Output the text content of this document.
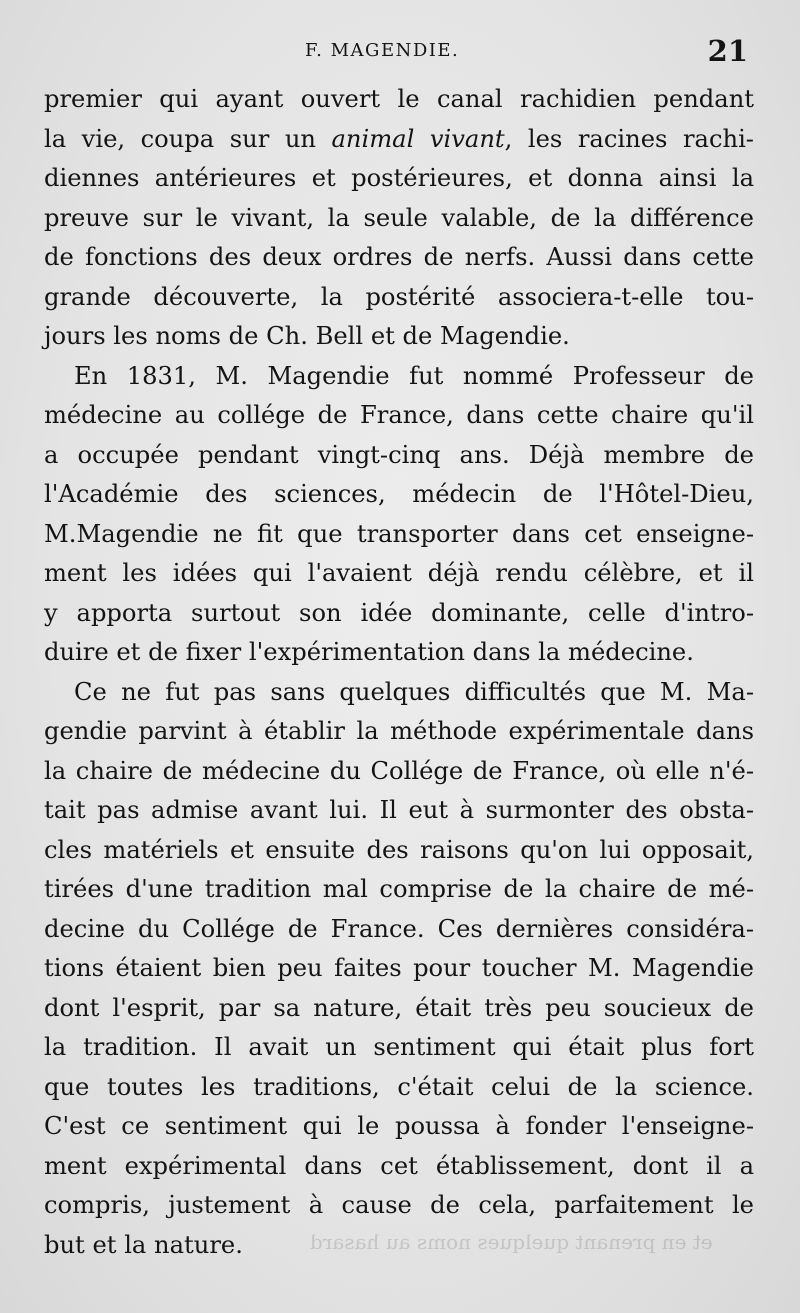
et en prenant quelques noms au hasard
F. MAGENDIE.	21
premier qui ayant ouvert le canal rachidien pendant
la vie, coupa sur un animal vivant, les racines rachi-
diennes antérieures et postérieures, et donna ainsi la
preuve sur le vivant, la seule valable, de la différence
de fonctions des deux ordres de nerfs. Aussi dans cette
grande découverte, la postérité associera-t-elle tou-
jours les noms de Ch. Bell et de Magendie.
En 1831, M. Magendie fut nommé Professeur de
médecine au collége de France, dans cette chaire qu'il
a occupée pendant vingt-cinq ans. Déjà membre de
l'Académie des sciences, médecin de l'Hôtel-Dieu,
M.Magendie ne fit que transporter dans cet enseigne-
ment les idées qui l'avaient déjà rendu célèbre, et il
y apporta surtout son idée dominante, celle d'intro-
duire et de fixer l'expérimentation dans la médecine.
Ce ne fut pas sans quelques difficultés que M. Ma-
gendie parvint à établir la méthode expérimentale dans
la chaire de médecine du Collége de France, où elle n'é-
tait pas admise avant lui. Il eut à surmonter des obsta-
cles matériels et ensuite des raisons qu'on lui opposait,
tirées d'une tradition mal comprise de la chaire de mé-
decine du Collége de France. Ces dernières considéra-
tions étaient bien peu faites pour toucher M. Magendie
dont l'esprit, par sa nature, était très peu soucieux de
la tradition. Il avait un sentiment qui était plus fort
que toutes les traditions, c'était celui de la science.
C'est ce sentiment qui le poussa à fonder l'enseigne-
ment expérimental dans cet établissement, dont il a
compris, justement à cause de cela, parfaitement le
but et la nature.
